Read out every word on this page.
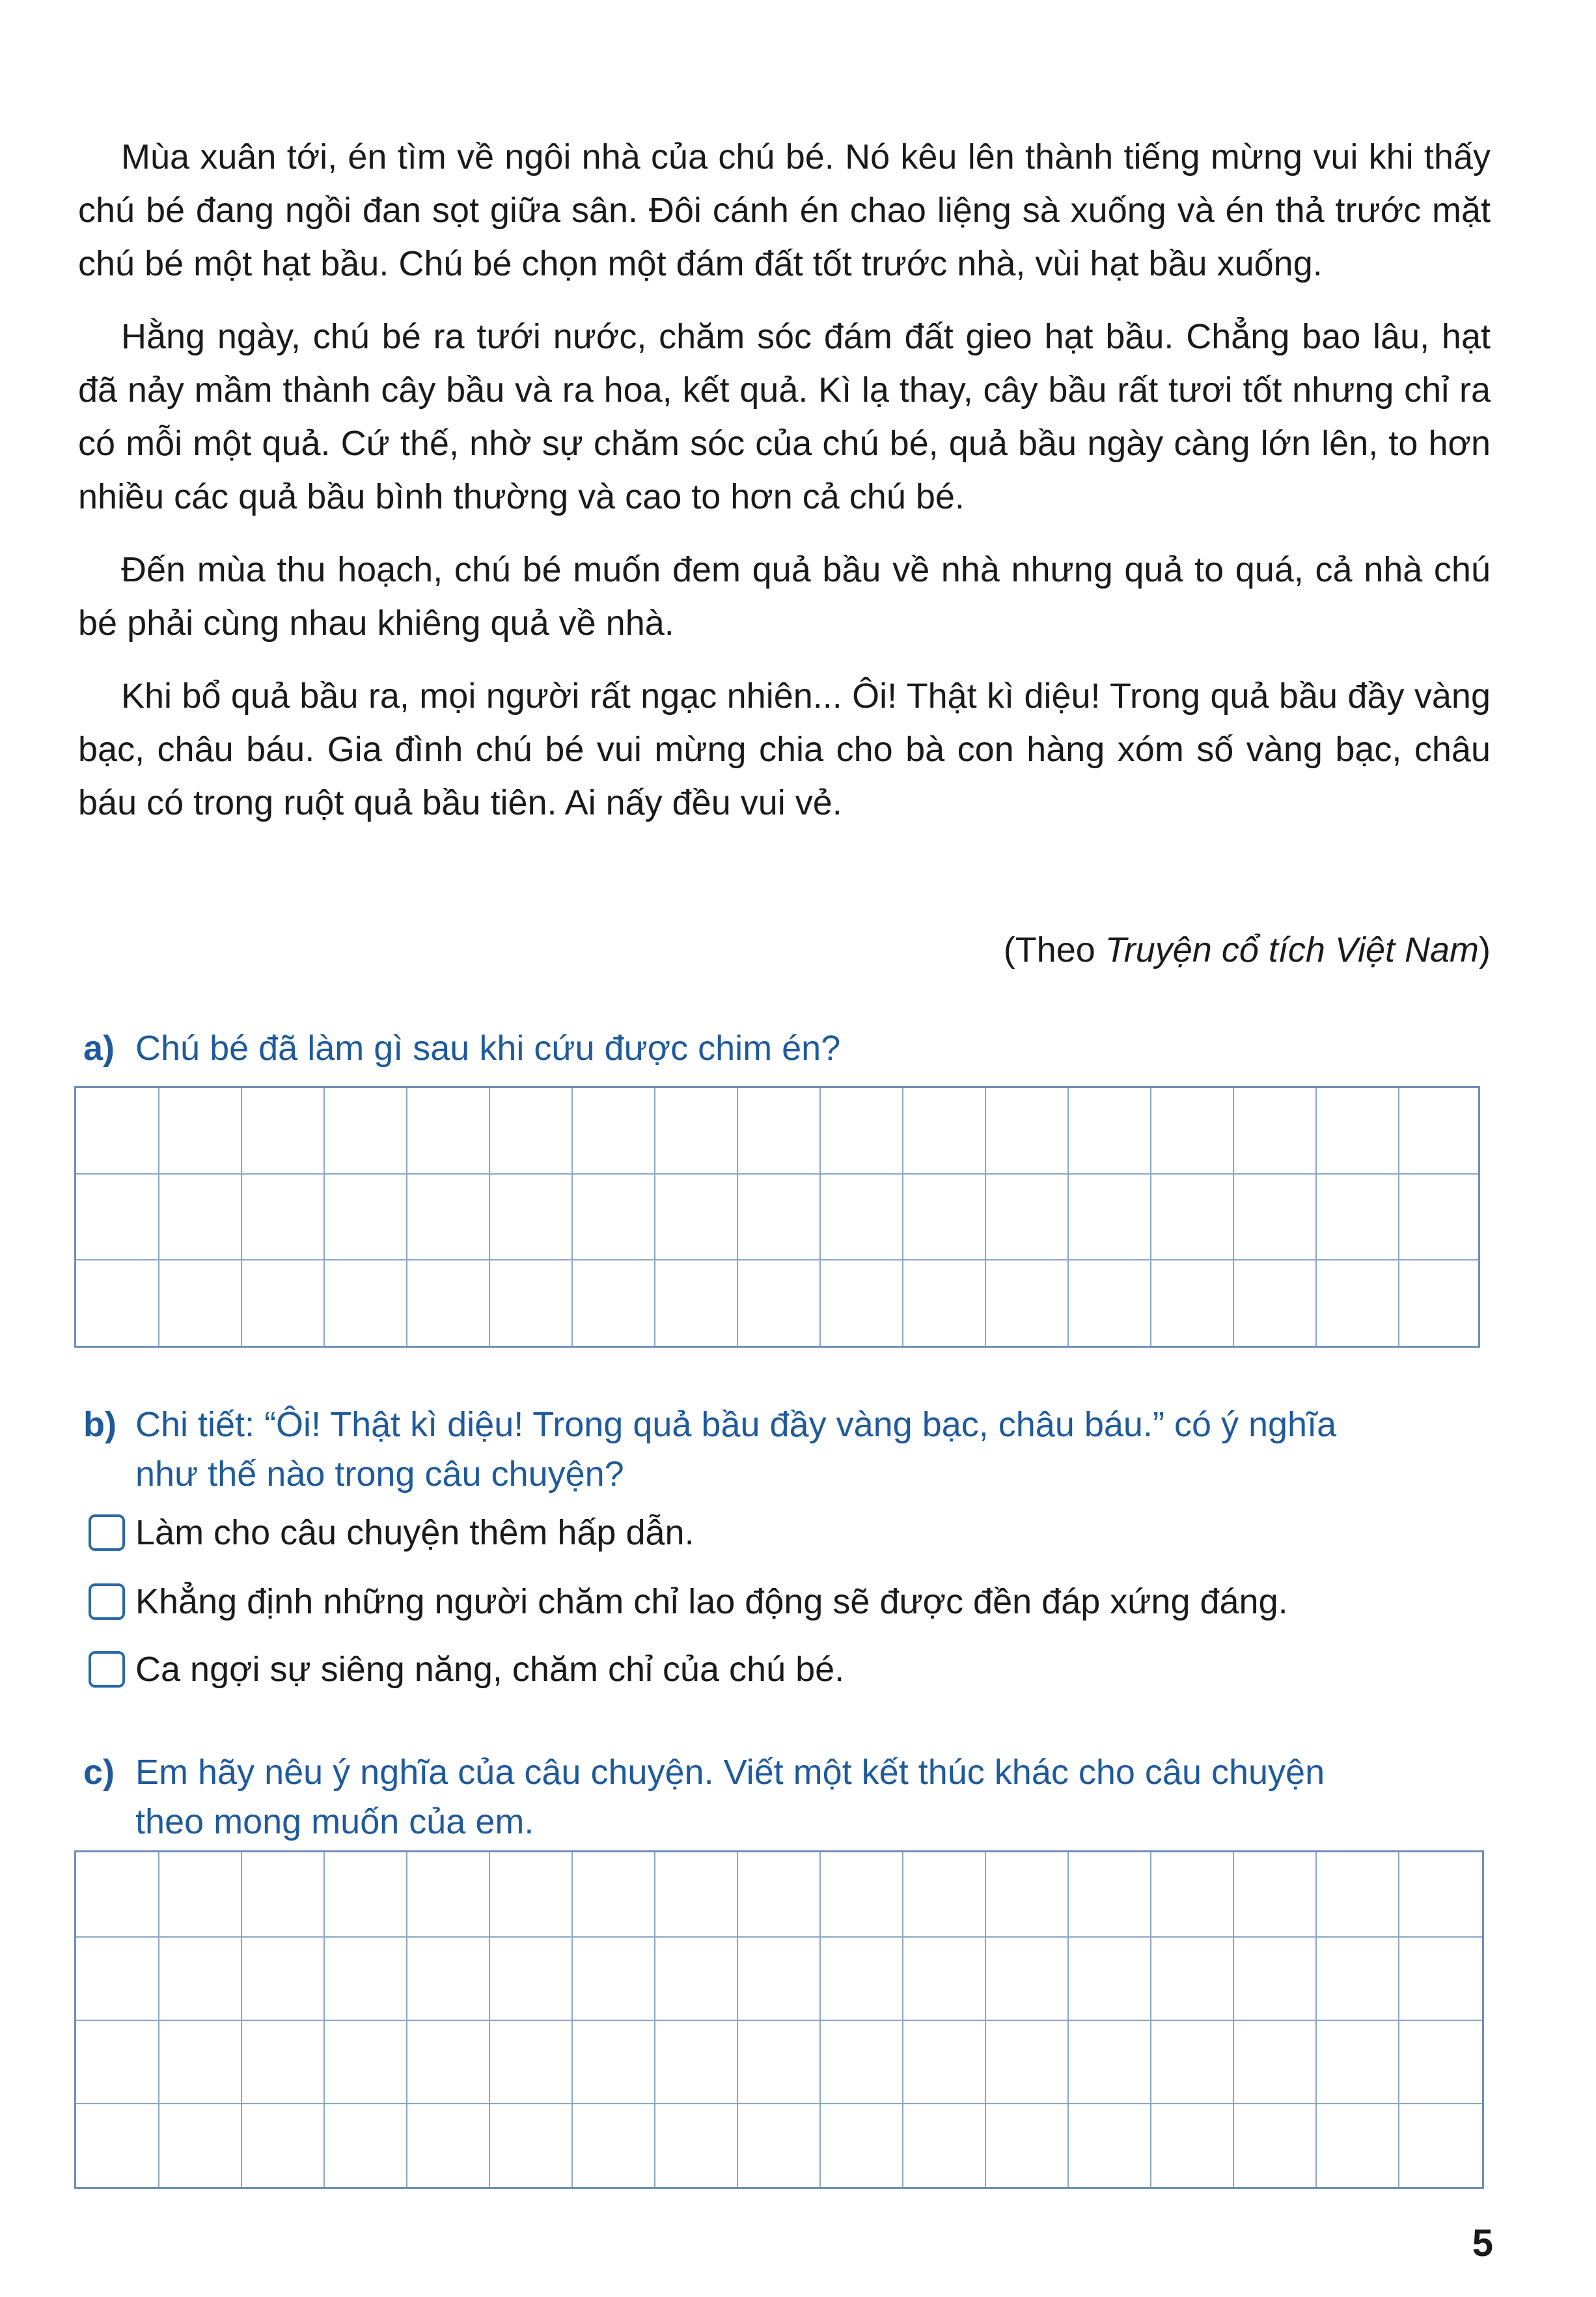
Mùa xuân tới, én tìm về ngôi nhà của chú bé. Nó kêu lên thành tiếng mừng vui khi thấy chú bé đang ngồi đan sọt giữa sân. Đôi cánh én chao liệng sà xuống và én thả trước mặt chú bé một hạt bầu. Chú bé chọn một đám đất tốt trước nhà, vùi hạt bầu xuống.

Hằng ngày, chú bé ra tưới nước, chăm sóc đám đất gieo hạt bầu. Chẳng bao lâu, hạt đã nảy mầm thành cây bầu và ra hoa, kết quả. Kì lạ thay, cây bầu rất tươi tốt nhưng chỉ ra có mỗi một quả. Cứ thế, nhờ sự chăm sóc của chú bé, quả bầu ngày càng lớn lên, to hơn nhiều các quả bầu bình thường và cao to hơn cả chú bé.

Đến mùa thu hoạch, chú bé muốn đem quả bầu về nhà nhưng quả to quá, cả nhà chú bé phải cùng nhau khiêng quả về nhà.

Khi bổ quả bầu ra, mọi người rất ngạc nhiên... Ôi! Thật kì diệu! Trong quả bầu đầy vàng bạc, châu báu. Gia đình chú bé vui mừng chia cho bà con hàng xóm số vàng bạc, châu báu có trong ruột quả bầu tiên. Ai nấy đều vui vẻ.

(Theo Truyện cổ tích Việt Nam)
a) Chú bé đã làm gì sau khi cứu được chim én?
b) Chi tiết: “Ôi! Thật kì diệu! Trong quả bầu đầy vàng bạc, châu báu.” có ý nghĩa
như thế nào trong câu chuyện?
Làm cho câu chuyện thêm hấp dẫn.
Khẳng định những người chăm chỉ lao động sẽ được đền đáp xứng đáng.
Ca ngợi sự siêng năng, chăm chỉ của chú bé.
c) Em hãy nêu ý nghĩa của câu chuyện. Viết một kết thúc khác cho câu chuyện
theo mong muốn của em.
5
